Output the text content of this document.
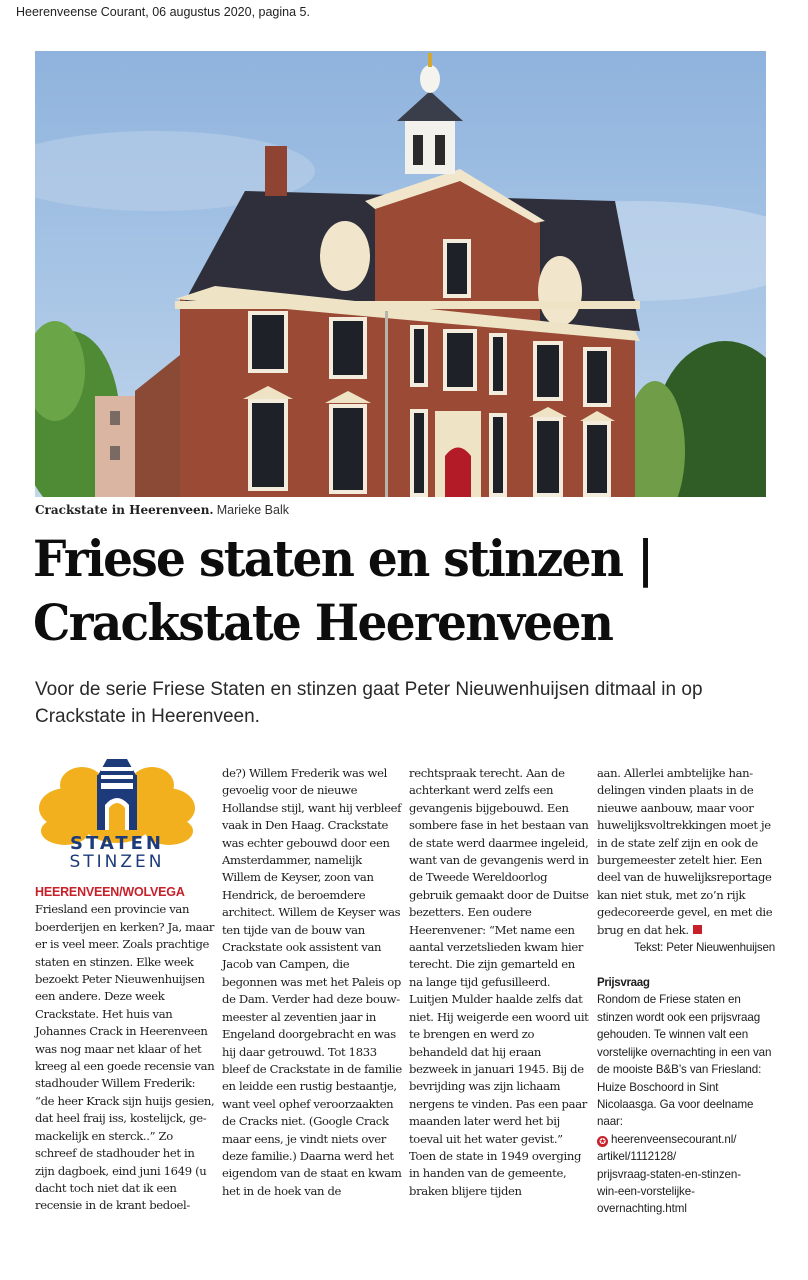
Heerenveense Courant, 06 augustus 2020, pagina 5.
Crackstate in Heerenveen. Marieke Balk
Friese staten en stinzen |
Crackstate Heerenveen
Voor de serie Friese Staten en stinzen gaat Peter Nieuwenhuijsen ditmaal in op Crackstate in Heerenveen.
STATEN
STINZEN
HEERENVEEN/WOLVEGA

Friesland een provincie van boerderijen en kerken? Ja, maar er is veel meer. Zoals prachtige staten en stinzen. Elke week bezoekt Peter Nieuwenhuijsen een andere. Deze week Crackstate. Het huis van Johannes Crack in Heerenveen was nog maar net klaar of het kreeg al een goede recensie van stadhouder Willem Frederik: “de heer Krack sijn huijs gesien, dat heel fraij iss, kostelijck, gemackelijk en sterck..” Zo schreef de stadhouder het in zijn dagboek, eind juni 1649 (u dacht toch niet dat ik een recensie in de krant bedoel-

de?) Willem Frederik was wel gevoelig voor de nieuwe Hollandse stijl, want hij verbleef vaak in Den Haag. Crackstate was echter gebouwd door een Amsterdammer, namelijk Willem de Keyser, zoon van Hendrick, de beroemdere architect. Willem de Keyser was ten tijde van de bouw van Crackstate ook assistent van Jacob van Campen, die begonnen was met het Paleis op de Dam. Verder had deze bouwmeester al zeventien jaar in Engeland doorgebracht en was hij daar getrouwd. Tot 1833 bleef de Crackstate in de familie en leidde een rustig bestaantje, want veel ophef veroorzaakten de Cracks niet. (Google Crack maar eens, je vindt niets over deze familie.) Daarna werd het eigendom van de staat en kwam het in de hoek van de

rechtspraak terecht. Aan de achterkant werd zelfs een gevangenis bijgebouwd. Een sombere fase in het bestaan van de state werd daarmee ingeleid, want van de gevangenis werd in de Tweede Wereldoorlog gebruik gemaakt door de Duitse bezetters. Een oudere Heerenvener: “Met name een aantal verzetslieden kwam hier terecht. Die zijn gemarteld en na lange tijd gefusilleerd. Luitjen Mulder haalde zelfs dat niet. Hij weigerde een woord uit te brengen en werd zo behandeld dat hij eraan bezweek in januari 1945. Bij de bevrijding was zijn lichaam nergens te vinden. Pas een paar maanden later werd het bij toeval uit het water gevist.” Toen de state in 1949 overging in handen van de gemeente, braken blijere tijden

aan. Allerlei ambtelijke handelingen vinden plaats in de nieuwe aanbouw, maar voor huwelijksvoltrekkingen moet je in de state zelf zijn en ook de burgemeester zetelt hier. Een deel van de huwelijksreportage kan niet stuk, met zo’n rijk gedecoreerde gevel, en met die brug en dat hek.

Tekst: Peter Nieuwenhuijsen
Prijsvraag
Rondom de Friese staten en stinzen wordt ook een prijsvraag gehouden. Te winnen valt een vorstelijke overnachting in een van de mooiste B&B’s van Friesland: Huize Boschoord in Sint Nicolaasga. Ga voor deelname naar:
✪ heerenveensecourant.nl/
artikel/1112128/
prijsvraag-staten-en-stinzen-
win-een-vorstelijke-
overnachting.html
